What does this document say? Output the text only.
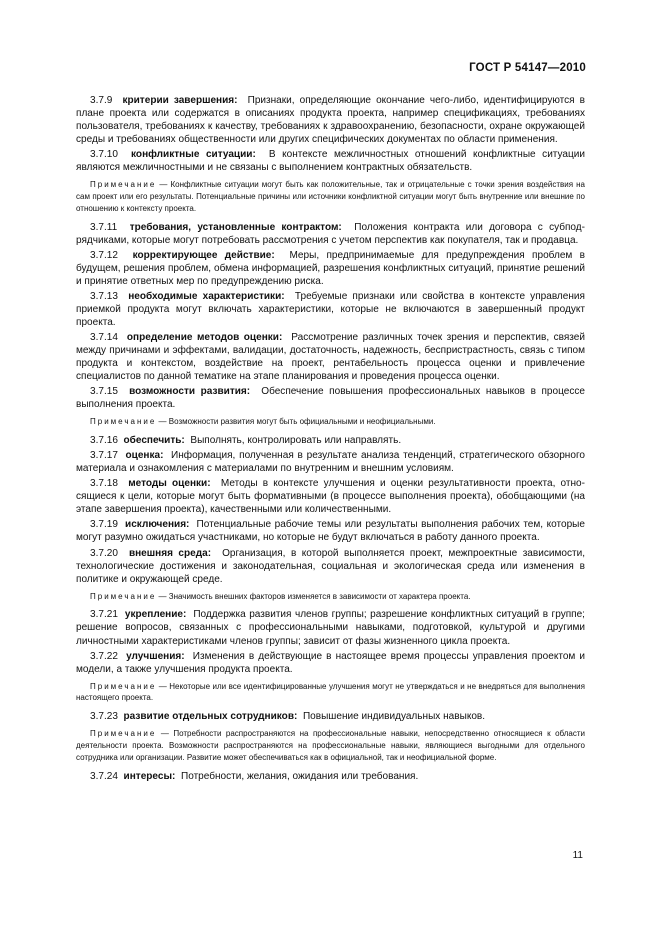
ГОСТ Р 54147—2010

3.7.9 критерии завершения: Признаки, определяющие окончание чего-либо, идентифицируются в плане проекта или содержатся в описаниях продукта проекта, например спецификациях, требованиях пользователя, требованиях к качеству, требованиях к здравоохранению, безопасности, охране окружающей среды и требованиях общественности или других специфических документах по области применения.

3.7.10 конфликтные ситуации: В контексте межличностных отношений конфликтные ситуации являются межличностными и не связаны с выполнением контрактных обязательств.

Примечание — Конфликтные ситуации могут быть как положительные, так и отрицательные с точки зрения воздействия на сам проект или его результаты. Потенциальные причины или источники конфликтной ситуации могут быть внутренние или внешние по отношению к контексту проекта.

3.7.11 требования, установленные контрактом: Положения контракта или договора с субподрядчиками, которые могут потребовать рассмотрения с учетом перспектив как покупателя, так и продавца.

3.7.12 корректирующее действие: Меры, предпринимаемые для предупреждения проблем в будущем, решения проблем, обмена информацией, разрешения конфликтных ситуаций, принятие решений и принятие ответных мер по предупреждению риска.

3.7.13 необходимые характеристики: Требуемые признаки или свойства в контексте управления приемкой продукта могут включать характеристики, которые не включаются в завершенный продукт проекта.

3.7.14 определение методов оценки: Рассмотрение различных точек зрения и перспектив, связей между причинами и эффектами, валидации, достаточность, надежность, беспристрастность, связь с типом продукта и контекстом, воздействие на проект, рентабельность процесса оценки и привлечение специалистов по данной тематике на этапе планирования и проведения процесса оценки.

3.7.15 возможности развития: Обеспечение повышения профессиональных навыков в процессе выполнения проекта.

Примечание — Возможности развития могут быть официальными и неофициальными.

3.7.16 обеспечить: Выполнять, контролировать или направлять.

3.7.17 оценка: Информация, полученная в результате анализа тенденций, стратегического обзорного материала и ознакомления с материалами по внутренним и внешним условиям.

3.7.18 методы оценки: Методы в контексте улучшения и оценки результативности проекта, относящиеся к цели, которые могут быть формативными (в процессе выполнения проекта), обобщающими (на этапе завершения проекта), качественными или количественными.

3.7.19 исключения: Потенциальные рабочие темы или результаты выполнения рабочих тем, которые могут разумно ожидаться участниками, но которые не будут включаться в работу данного проекта.

3.7.20 внешняя среда: Организация, в которой выполняется проект, межпроектные зависимости, технологические достижения и законодательная, социальная и экологическая среда или изменения в политике и окружающей среде.

Примечание — Значимость внешних факторов изменяется в зависимости от характера проекта.

3.7.21 укрепление: Поддержка развития членов группы; разрешение конфликтных ситуаций в группе; решение вопросов, связанных с профессиональными навыками, подготовкой, культурой и другими личностными характеристиками членов группы; зависит от фазы жизненного цикла проекта.

3.7.22 улучшения: Изменения в действующие в настоящее время процессы управления проектом и модели, а также улучшения продукта проекта.

Примечание — Некоторые или все идентифицированные улучшения могут не утверждаться и не внедряться для выполнения настоящего проекта.

3.7.23 развитие отдельных сотрудников: Повышение индивидуальных навыков.

Примечание — Потребности распространяются на профессиональные навыки, непосредственно относящиеся к области деятельности проекта. Возможности распространяются на профессиональные навыки, являющиеся выгодными для отдельного сотрудника или организации. Развитие может обеспечиваться как в официальной, так и неофициальной форме.

3.7.24 интересы: Потребности, желания, ожидания или требования.

11
